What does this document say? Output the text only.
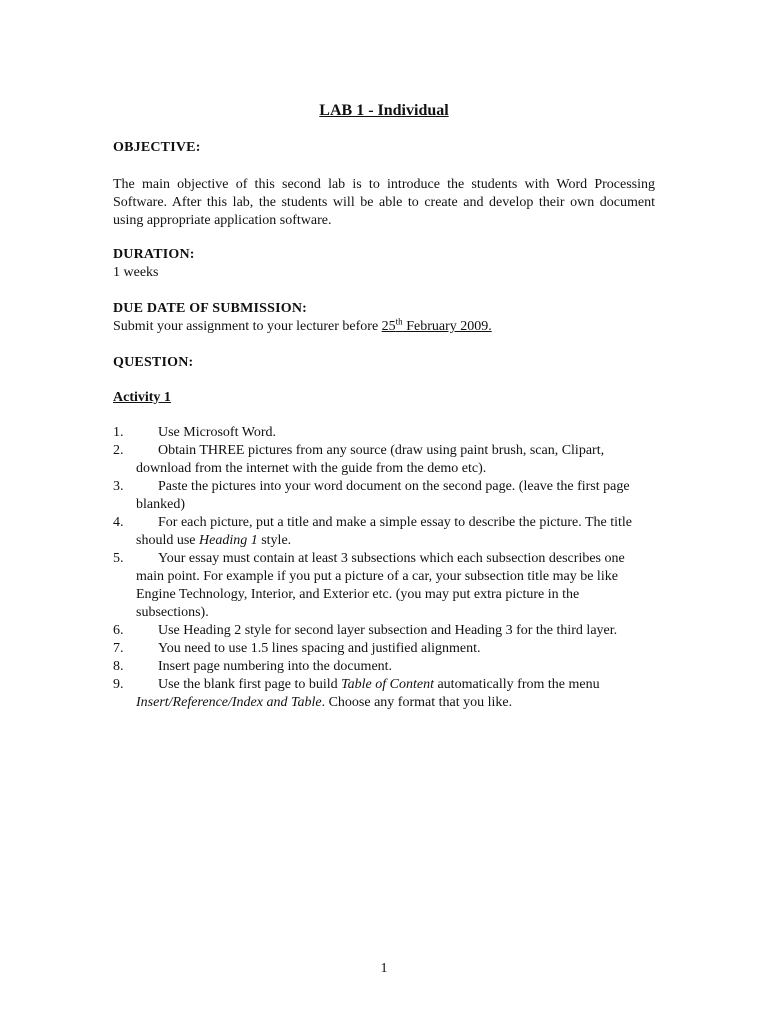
LAB 1 - Individual
OBJECTIVE:

The main objective of this second lab is to introduce the students with Word Processing Software. After this lab, the students will be able to create and develop their own document using appropriate application software.

DURATION:

1 weeks

DUE DATE OF SUBMISSION:

Submit your assignment to your lecturer before 25th February 2009.

QUESTION:
Activity 1
1.	Use Microsoft Word.
2.	Obtain THREE pictures from any source (draw using paint brush, scan, Clipart, download from the internet with the guide from the demo etc).
3.	Paste the pictures into your word document on the second page. (leave the first page blanked)
4.	For each picture, put a title and make a simple essay to describe the picture. The title should use Heading 1 style.
5.	Your essay must contain at least 3 subsections which each subsection describes one main point. For example if you put a picture of a car, your subsection title may be like Engine Technology, Interior, and Exterior etc. (you may put extra picture in the subsections).
6.	Use Heading 2 style for second layer subsection and Heading 3 for the third layer.
7.	You need to use 1.5 lines spacing and justified alignment.
8.	Insert page numbering into the document.
9.	Use the blank first page to build Table of Content automatically from the menu Insert/Reference/Index and Table. Choose any format that you like.
1
